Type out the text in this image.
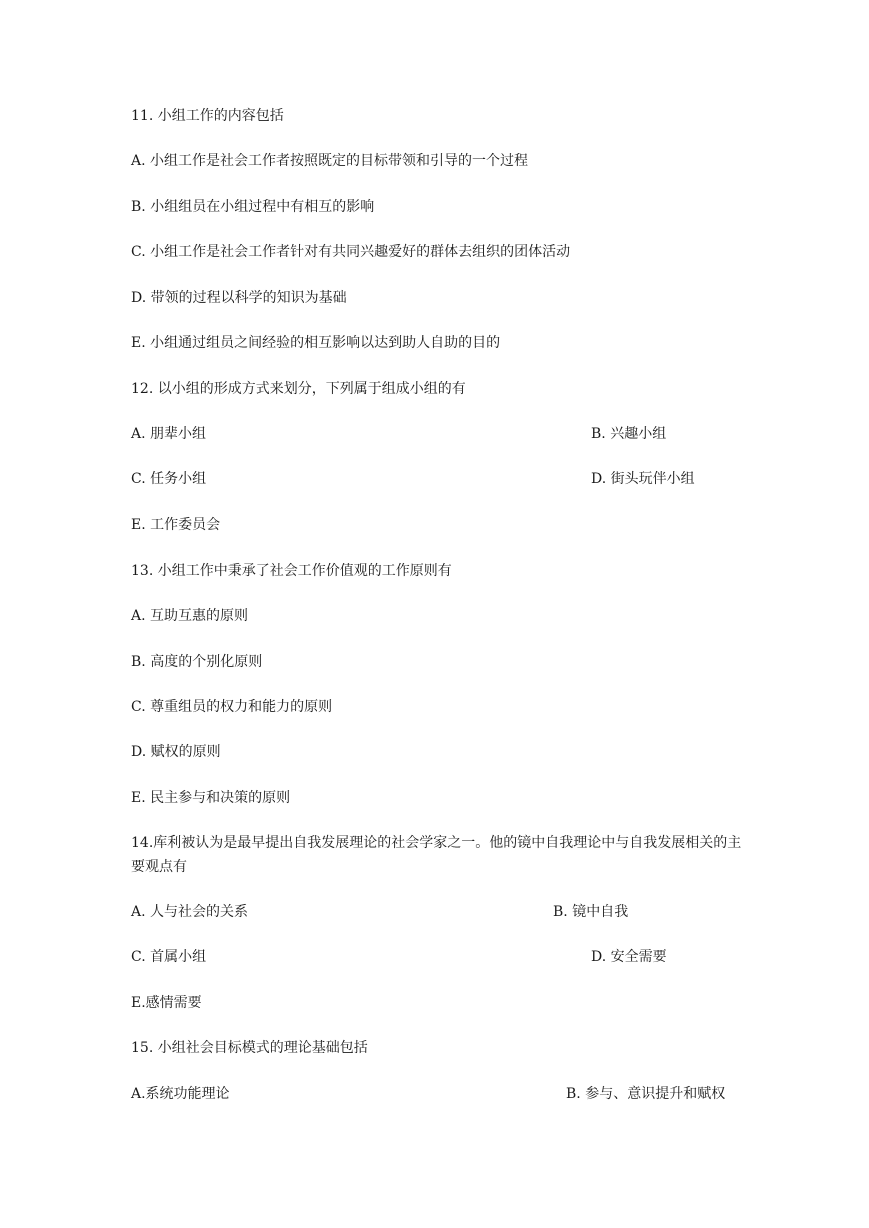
11. 小组工作的内容包括
A. 小组工作是社会工作者按照既定的目标带领和引导的一个过程
B. 小组组员在小组过程中有相互的影响
C. 小组工作是社会工作者针对有共同兴趣爱好的群体去组织的团体活动
D. 带领的过程以科学的知识为基础
E. 小组通过组员之间经验的相互影响以达到助人自助的目的
12. 以小组的形成方式来划分，下列属于组成小组的有
A. 朋辈小组	B. 兴趣小组
C. 任务小组	D. 街头玩伴小组
E. 工作委员会
13. 小组工作中秉承了社会工作价值观的工作原则有
A. 互助互惠的原则
B. 高度的个别化原则
C. 尊重组员的权力和能力的原则
D. 赋权的原则
E. 民主参与和决策的原则
14.库利被认为是最早提出自我发展理论的社会学家之一。他的镜中自我理论中与自我发展相关的主要观点有
A. 人与社会的关系	B. 镜中自我
C. 首属小组	D. 安全需要
E.感情需要
15. 小组社会目标模式的理论基础包括
A.系统功能理论	B. 参与、意识提升和赋权
